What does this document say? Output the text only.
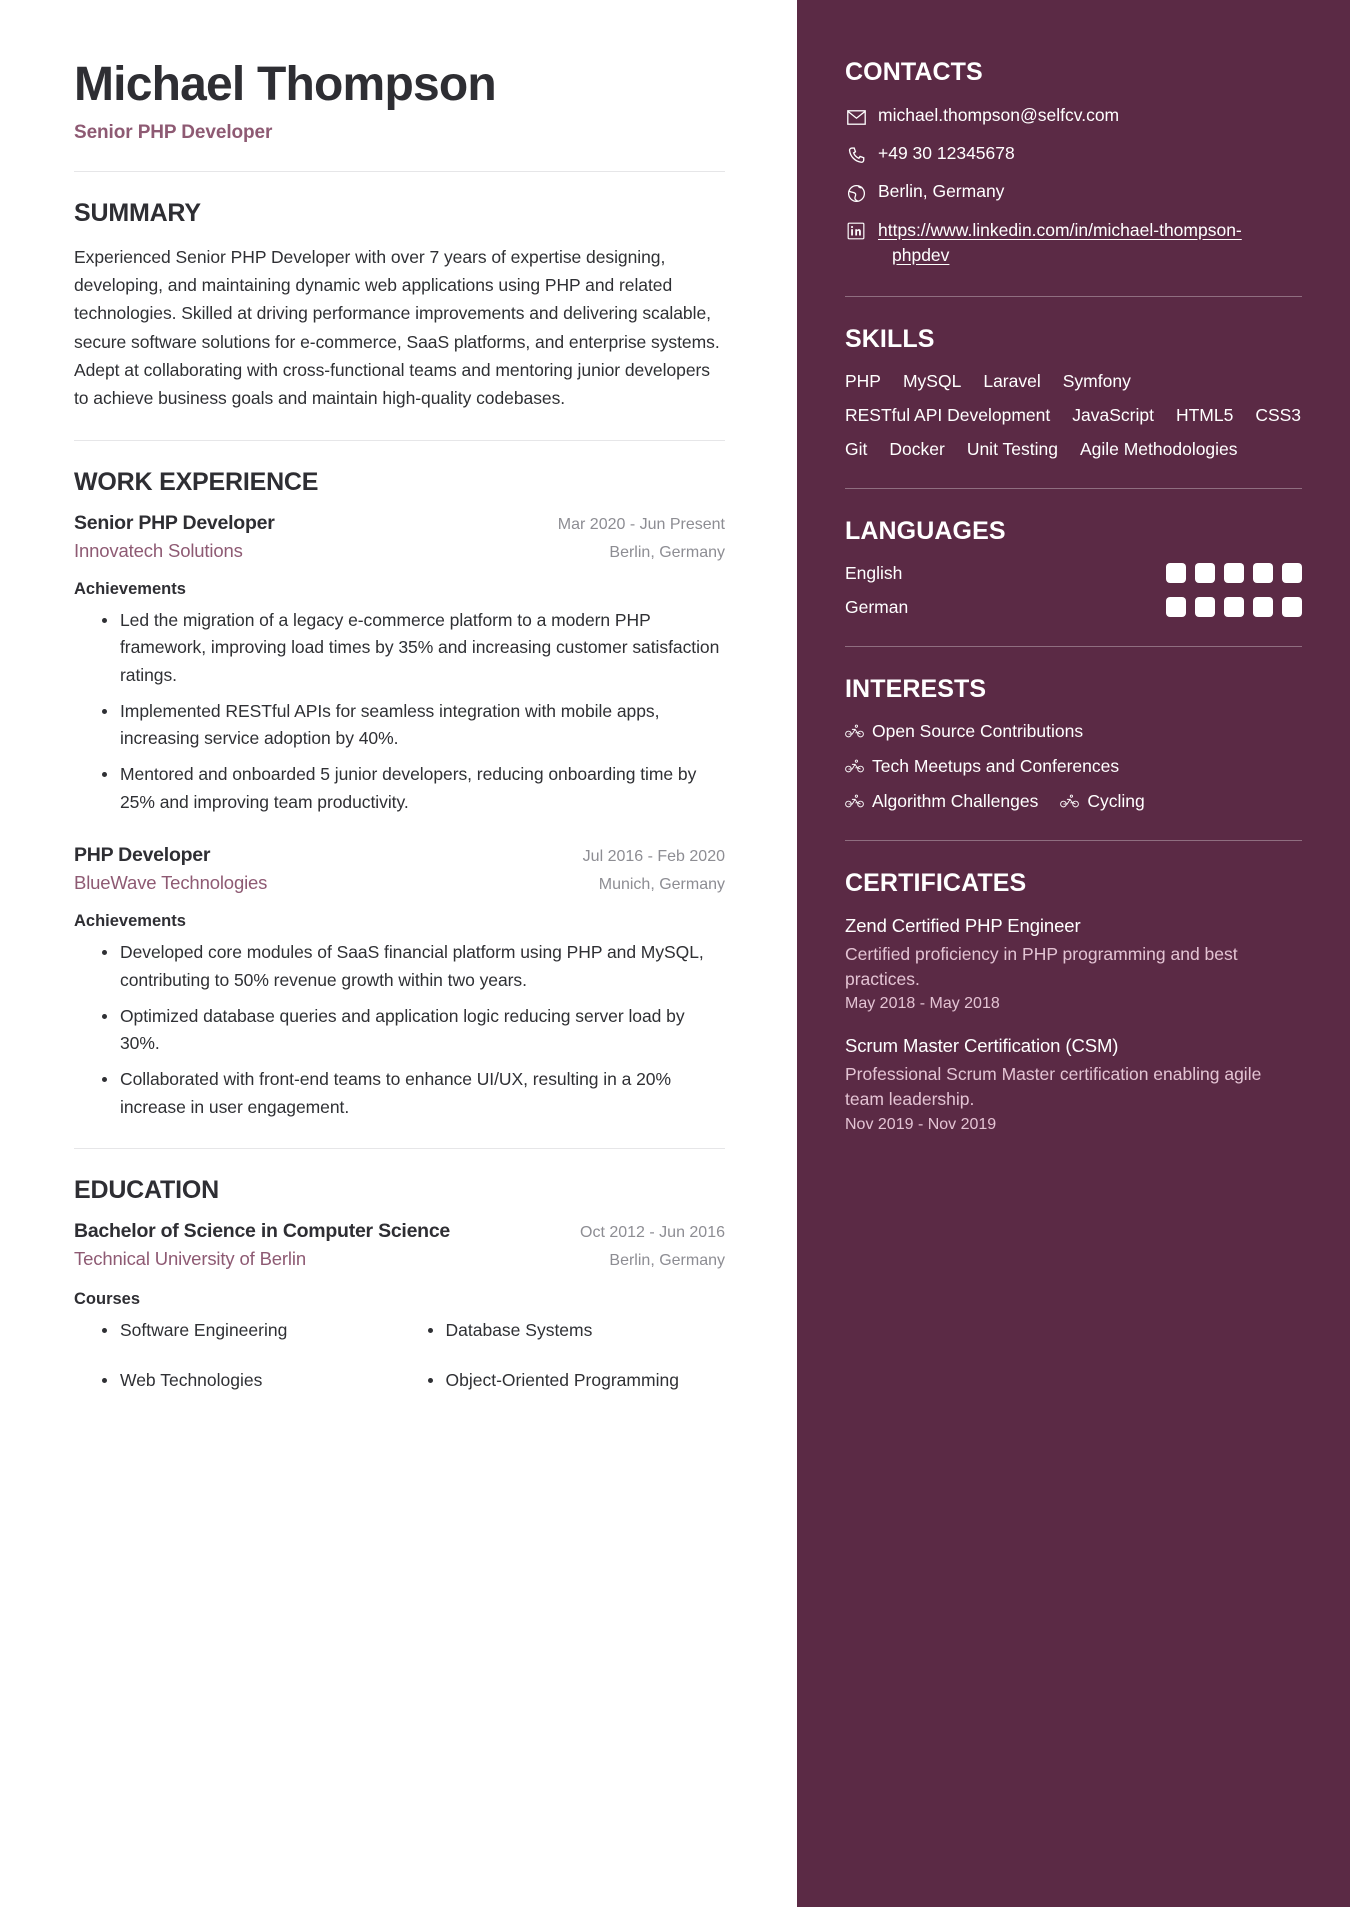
Michael Thompson
Senior PHP Developer
SUMMARY
Experienced Senior PHP Developer with over 7 years of expertise designing, developing, and maintaining dynamic web applications using PHP and related technologies. Skilled at driving performance improvements and delivering scalable, secure software solutions for e-commerce, SaaS platforms, and enterprise systems. Adept at collaborating with cross-functional teams and mentoring junior developers to achieve business goals and maintain high-quality codebases.
WORK EXPERIENCE
Senior PHP Developer	Mar 2020 - Jun Present
Innovatech Solutions	Berlin, Germany
Achievements
Led the migration of a legacy e-commerce platform to a modern PHP framework, improving load times by 35% and increasing customer satisfaction ratings.
Implemented RESTful APIs for seamless integration with mobile apps, increasing service adoption by 40%.
Mentored and onboarded 5 junior developers, reducing onboarding time by 25% and improving team productivity.
PHP Developer	Jul 2016 - Feb 2020
BlueWave Technologies	Munich, Germany
Achievements
Developed core modules of SaaS financial platform using PHP and MySQL, contributing to 50% revenue growth within two years.
Optimized database queries and application logic reducing server load by 30%.
Collaborated with front-end teams to enhance UI/UX, resulting in a 20% increase in user engagement.
EDUCATION
Bachelor of Science in Computer Science	Oct 2012 - Jun 2016
Technical University of Berlin	Berlin, Germany
Courses
Software Engineering	Database Systems
Web Technologies	Object-Oriented Programming
CONTACTS
michael.thompson@selfcv.com
+49 30 12345678
Berlin, Germany
https://www.linkedin.com/in/michael-thompson-
phpdev
SKILLS
PHP MySQL Laravel Symfony
RESTful API Development JavaScript HTML5 CSS3
Git Docker Unit Testing Agile Methodologies
LANGUAGES
English
German
INTERESTS
Open Source Contributions
Tech Meetups and Conferences
Algorithm Challenges	Cycling
CERTIFICATES
Zend Certified PHP Engineer
Certified proficiency in PHP programming and best practices.
May 2018 - May 2018
Scrum Master Certification (CSM)
Professional Scrum Master certification enabling agile team leadership.
Nov 2019 - Nov 2019
